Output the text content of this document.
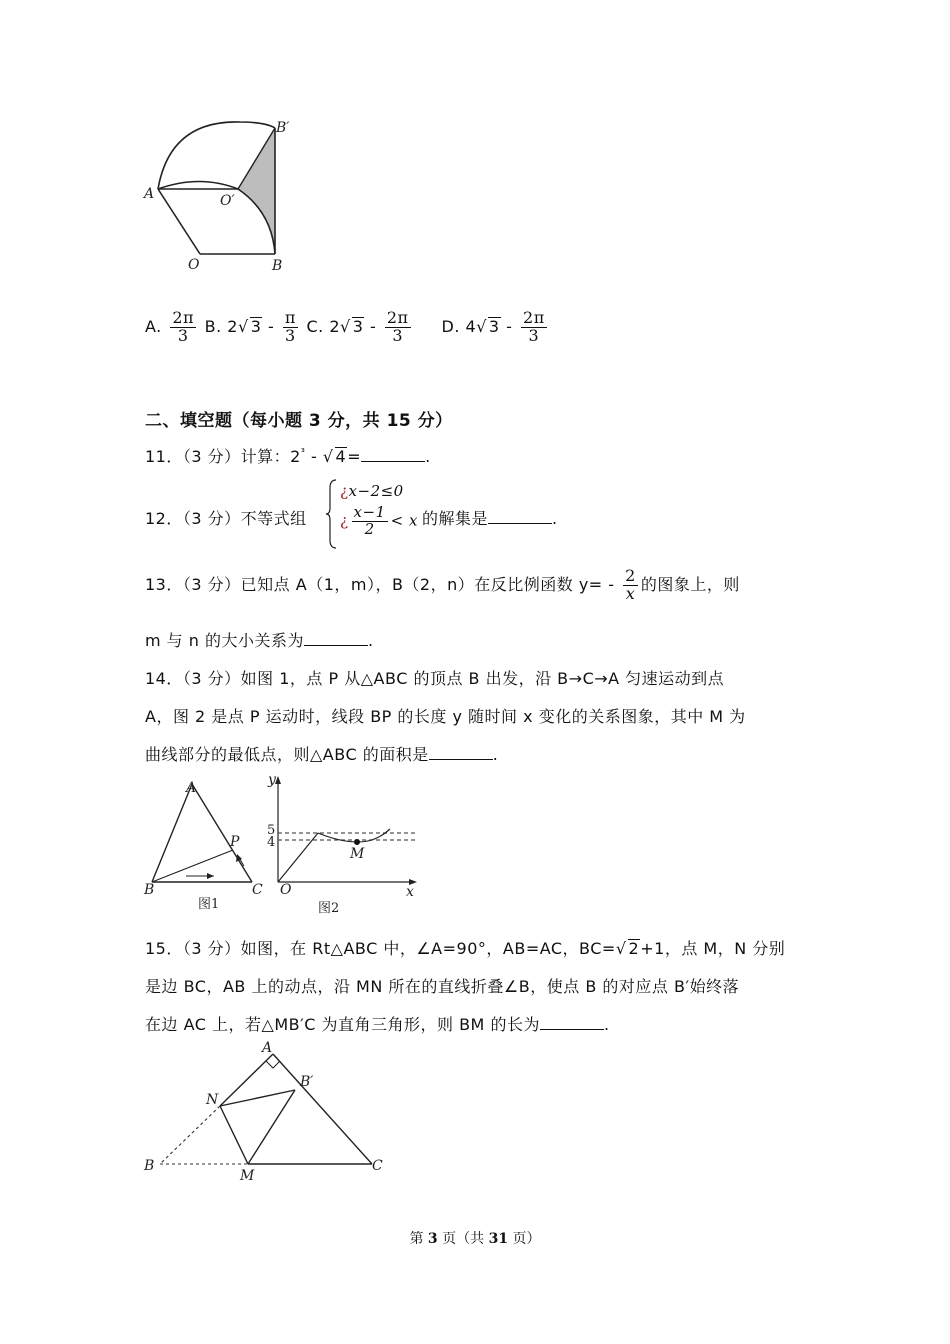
A	O′
B′
O	B
A. $\frac{2\pi}{3} B$. 2√ $3 - \frac{\pi}{3} C$. 2√ $3 - \frac{2\pi}{3} D$. 4√ $3 - \frac{2\pi}{3}$
二、填空题（每小题 3 分，共 15 分）
11．（3 分）计算：$2^{^3}$ - √ 4=	.
12．（3 分）不等式组
¿x−2≤0
¿ $\frac{x-1}{2} < x$ 的解集是	.
13．（3 分）已知点 A（1，m），B（2，n）在反比例函数 $y= - \frac{2}{x}$ 的图象上，则
m 与 n 的大小关系为	.
14．（3 分）如图 1，点 P 从△ABC 的顶点 B 出发，沿 B→C→A 匀速运动到点
A，图 2 是点 P 运动时，线段 BP 的长度 y 随时间 x 变化的关系图象，其中 M 为
曲线部分的最低点，则△ABC 的面积是	.
A
B	C
P
图1
y
x
O
M
5
4
图2
15．（3 分）如图，在 Rt△ABC 中，∠A=90°，AB=AC，BC=√ 2+1，点 M，N 分别
是边 BC，AB 上的动点，沿 MN 所在的直线折叠∠B，使点 B 的对应点 B′始终落
在边 AC 上，若△MB′C 为直角三角形，则 BM 的长为	.
A
B′
N
B
M
C
第 3 页（共 31 页）
